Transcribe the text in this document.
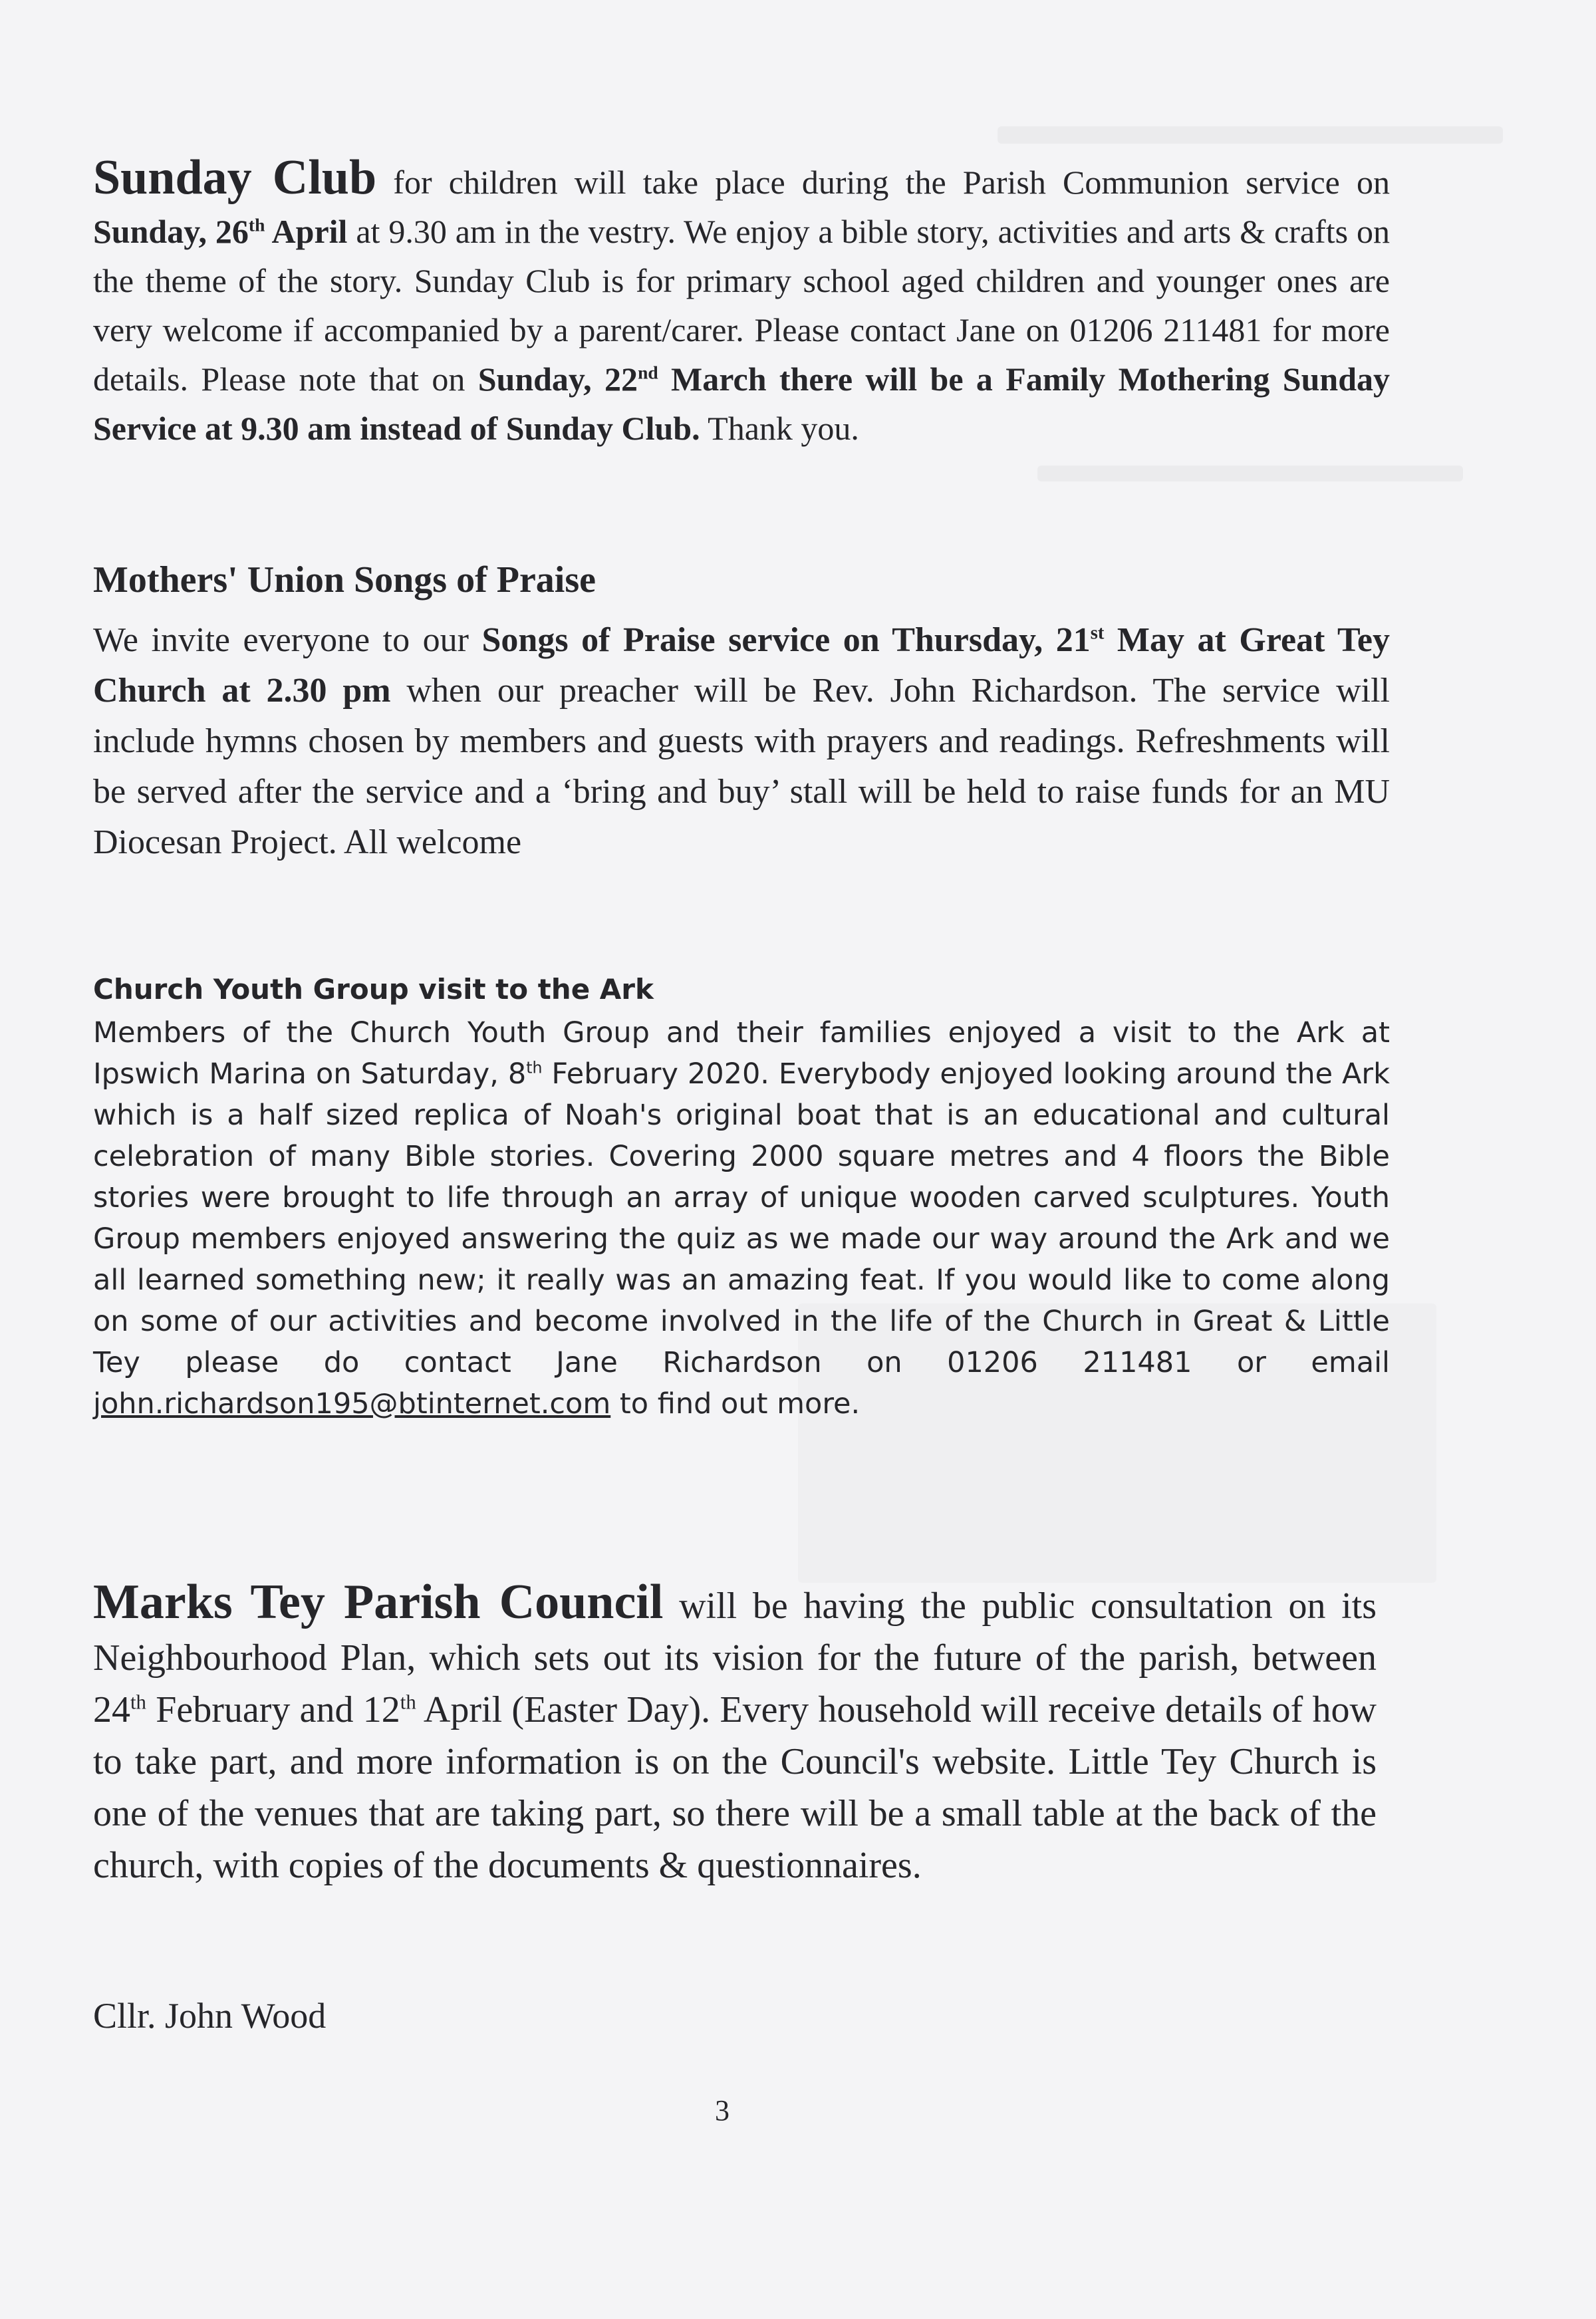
Sunday Club for children will take place during the Parish Communion service on Sunday, 26th April at 9.30 am in the vestry. We enjoy a bible story, activities and arts & crafts on the theme of the story. Sunday Club is for primary school aged children and younger ones are very welcome if accompanied by a parent/carer. Please contact Jane on 01206 211481 for more details. Please note that on Sunday, 22nd March there will be a Family Mothering Sunday Service at 9.30 am instead of Sunday Club. Thank you.

Mothers' Union Songs of Praise

We invite everyone to our Songs of Praise service on Thursday, 21st May at Great Tey Church at 2.30 pm when our preacher will be Rev. John Richardson. The service will include hymns chosen by members and guests with prayers and readings. Refreshments will be served after the service and a ‘bring and buy’ stall will be held to raise funds for an MU Diocesan Project. All welcome

Church Youth Group visit to the Ark

Members of the Church Youth Group and their families enjoyed a visit to the Ark at Ipswich Marina on Saturday, 8th February 2020. Everybody enjoyed looking around the Ark which is a half sized replica of Noah's original boat that is an educational and cultural celebration of many Bible stories. Covering 2000 square metres and 4 floors the Bible stories were brought to life through an array of unique wooden carved sculptures. Youth Group members enjoyed answering the quiz as we made our way around the Ark and we all learned something new; it really was an amazing feat. If you would like to come along on some of our activities and become involved in the life of the Church in Great & Little Tey please do contact Jane Richardson on 01206 211481 or email john.richardson195@btinternet.com to find out more.

Marks Tey Parish Council will be having the public consultation on its Neighbourhood Plan, which sets out its vision for the future of the parish, between 24th February and 12th April (Easter Day). Every household will receive details of how to take part, and more information is on the Council's website. Little Tey Church is one of the venues that are taking part, so there will be a small table at the back of the church, with copies of the documents & questionnaires.

Cllr. John Wood

3
